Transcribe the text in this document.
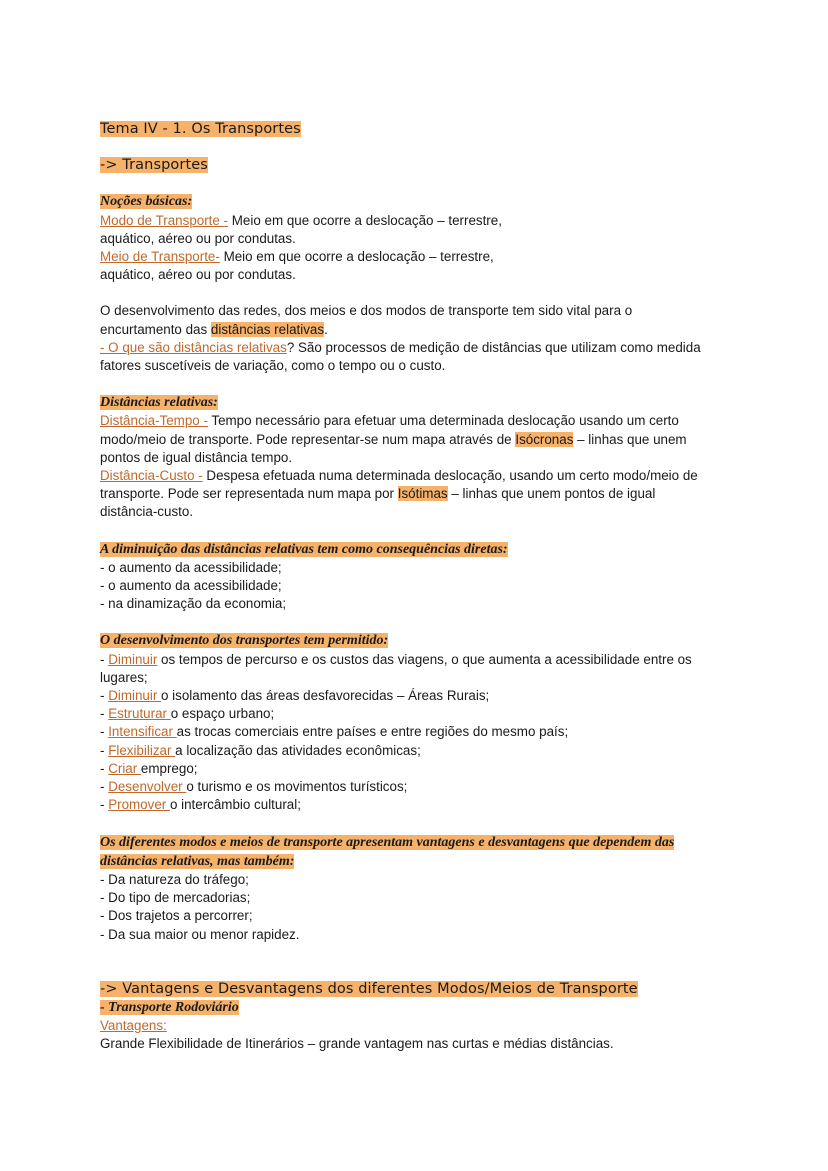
Tema IV - 1. Os Transportes
-> Transportes
Noções básicas:
Modo de Transporte - Meio em que ocorre a deslocação – terrestre,
aquático, aéreo ou por condutas.
Meio de Transporte- Meio em que ocorre a deslocação – terrestre,
aquático, aéreo ou por condutas.
O desenvolvimento das redes, dos meios e dos modos de transporte tem sido vital para o
encurtamento das distâncias relativas.
- O que são distâncias relativas? São processos de medição de distâncias que utilizam como medida
fatores suscetíveis de variação, como o tempo ou o custo.
Distâncias relativas:
Distância-Tempo - Tempo necessário para efetuar uma determinada deslocação usando um certo
modo/meio de transporte. Pode representar-se num mapa através de Isócronas – linhas que unem
pontos de igual distância tempo.
Distância-Custo - Despesa efetuada numa determinada deslocação, usando um certo modo/meio de
transporte. Pode ser representada num mapa por Isótimas – linhas que unem pontos de igual
distância-custo.
A diminuição das distâncias relativas tem como consequências diretas:
- o aumento da acessibilidade;
- o aumento da acessibilidade;
- na dinamização da economia;
O desenvolvimento dos transportes tem permitido:
- Diminuir os tempos de percurso e os custos das viagens, o que aumenta a acessibilidade entre os
lugares;
- Diminuir o isolamento das áreas desfavorecidas – Áreas Rurais;
- Estruturar o espaço urbano;
- Intensificar as trocas comerciais entre países e entre regiões do mesmo país;
- Flexibilizar a localização das atividades econômicas;
- Criar emprego;
- Desenvolver o turismo e os movimentos turísticos;
- Promover o intercâmbio cultural;
Os diferentes modos e meios de transporte apresentam vantagens e desvantagens que dependem das
distâncias relativas, mas também:
- Da natureza do tráfego;
- Do tipo de mercadorias;
- Dos trajetos a percorrer;
- Da sua maior ou menor rapidez.
-> Vantagens e Desvantagens dos diferentes Modos/Meios de Transporte
- Transporte Rodoviário
Vantagens:
Grande Flexibilidade de Itinerários – grande vantagem nas curtas e médias distâncias.
